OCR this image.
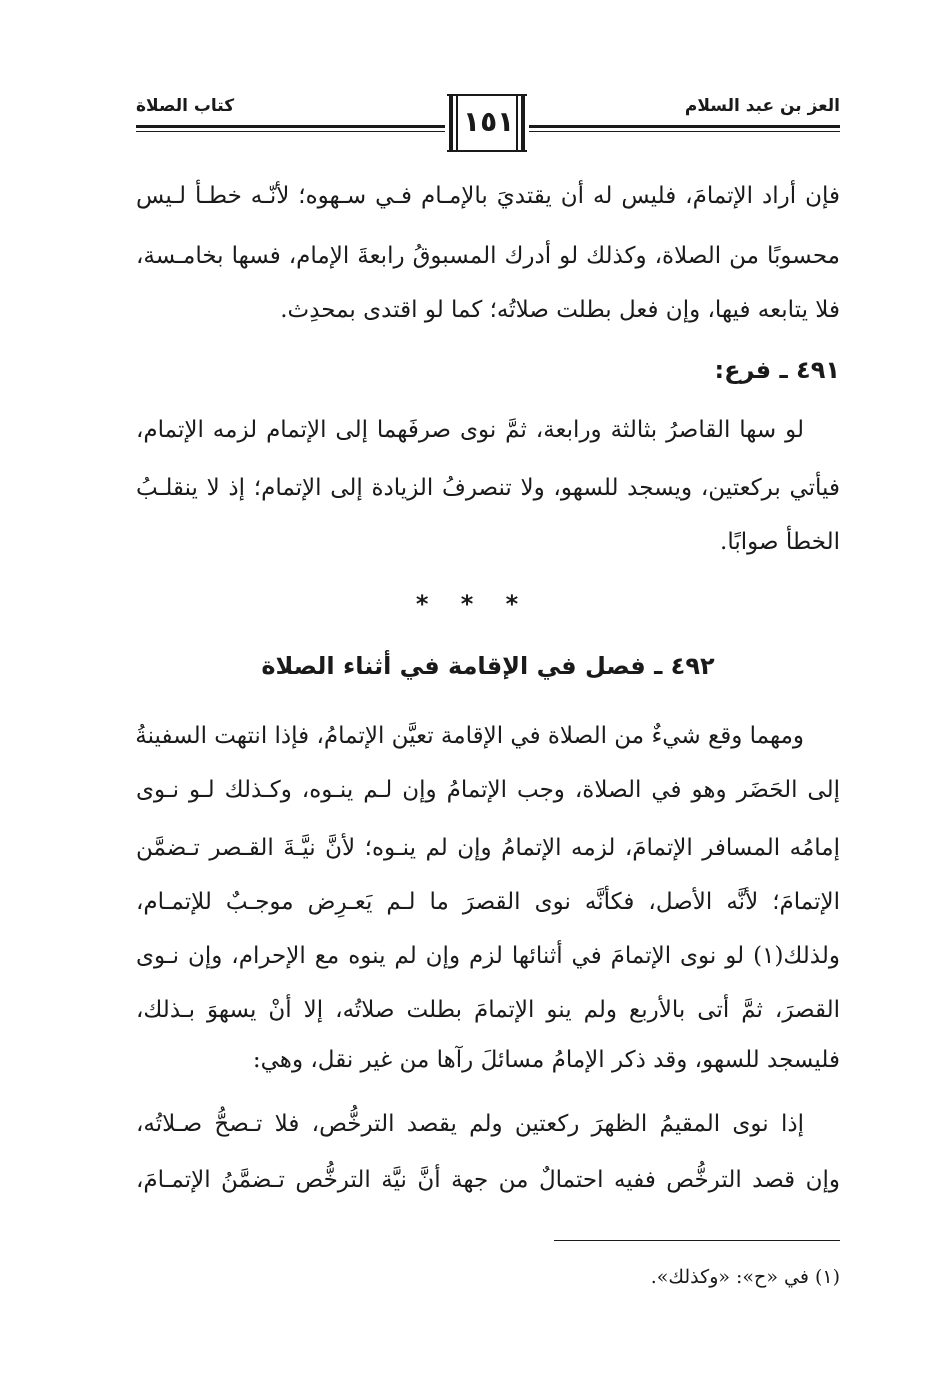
العز بن عبد السلام
كتاب الصلاة	١٥١
فإن أراد الإتمامَ، فليس له أن يقتديَ بالإمـام فـي سـهوه؛ لأنّـه خطـأ لـيس
محسوبًا من الصلاة، وكذلك لو أدرك المسبوقُ رابعةَ الإمام، فسها بخامـسة،
فلا يتابعه فيها، وإن فعل بطلت صلاتُه؛ كما لو اقتدى بمحدِث.
٤٩١ ـ فرع:
لو سها القاصرُ بثالثة ورابعة، ثمَّ نوى صرفَهما إلى الإتمام لزمه الإتمام،
فيأتي بركعتين، ويسجد للسهو، ولا تنصرفُ الزيادة إلى الإتمام؛ إذ لا ينقلـبُ
الخطأ صوابًا.
* * *
٤٩٢ ـ فصل في الإقامة في أثناء الصلاة
ومهما وقع شيءٌ من الصلاة في الإقامة تعيَّن الإتمامُ، فإذا انتهت السفينةُ
إلى الحَضَر وهو في الصلاة، وجب الإتمامُ وإن لـم ينـوه، وكـذلك لـو نـوى
إمامُه المسافر الإتمامَ، لزمه الإتمامُ وإن لم ينـوه؛ لأنَّ نيَّـةَ القـصر تـضمَّن
الإتمامَ؛ لأنَّه الأصل، فكأنَّه نوى القصرَ ما لـم يَعـرِض موجـبٌ للإتمـام،
ولذلك(١) لو نوى الإتمامَ في أثنائها لزم وإن لم ينوه مع الإحرام، وإن نـوى
القصرَ، ثمَّ أتى بالأربع ولم ينو الإتمامَ بطلت صلاتُه، إلا أنْ يسهوَ بـذلك،
فليسجد للسهو، وقد ذكر الإمامُ مسائلَ رآها من غير نقل، وهي:
إذا نوى المقيمُ الظهرَ ركعتين ولم يقصد الترخُّص، فلا تـصحُّ صـلاتُه،
وإن قصد الترخُّص ففيه احتمالٌ من جهة أنَّ نيَّة الترخُّص تـضمَّنُ الإتمـامَ،
(١) في «ح»: «وكذلك».
